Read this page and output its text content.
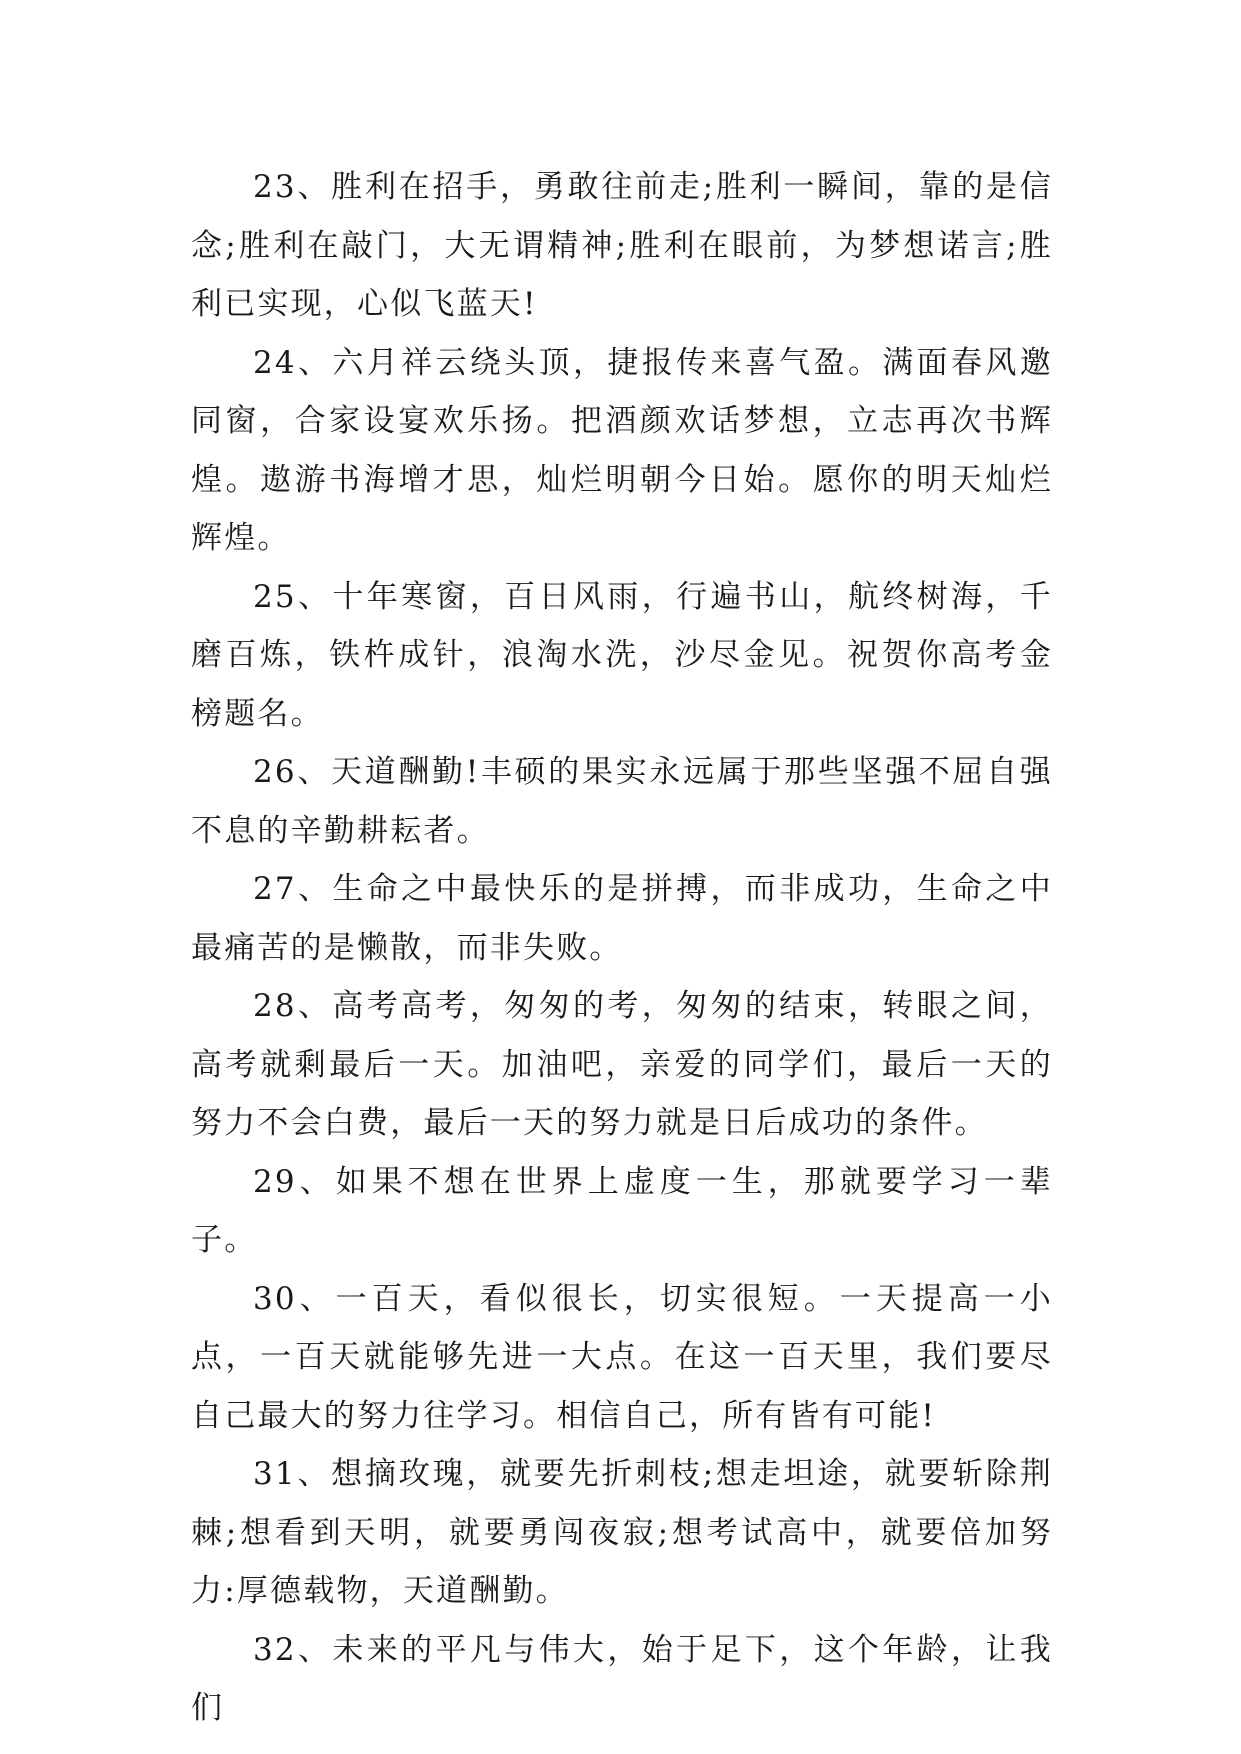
23、胜利在招手，勇敢往前走;胜利一瞬间，靠的是信念;胜利在敲门，大无谓精神;胜利在眼前，为梦想诺言;胜利已实现，心似飞蓝天!

24、六月祥云绕头顶，捷报传来喜气盈。满面春风邀同窗，合家设宴欢乐扬。把酒颜欢话梦想，立志再次书辉煌。遨游书海增才思，灿烂明朝今日始。愿你的明天灿烂辉煌。

25、十年寒窗，百日风雨，行遍书山，航终树海，千磨百炼，铁杵成针，浪淘水洗，沙尽金见。祝贺你高考金榜题名。

26、天道酬勤!丰硕的果实永远属于那些坚强不屈自强不息的辛勤耕耘者。

27、生命之中最快乐的是拼搏，而非成功，生命之中最痛苦的是懒散，而非失败。

28、高考高考，匆匆的考，匆匆的结束，转眼之间，高考就剩最后一天。加油吧，亲爱的同学们，最后一天的努力不会白费，最后一天的努力就是日后成功的条件。

29、如果不想在世界上虚度一生，那就要学习一辈子。

30、一百天，看似很长，切实很短。一天提高一小点，一百天就能够先进一大点。在这一百天里，我们要尽自己最大的努力往学习。相信自己，所有皆有可能!

31、想摘玫瑰，就要先折刺枝;想走坦途，就要斩除荆棘;想看到天明，就要勇闯夜寂;想考试高中，就要倍加努力:厚德载物，天道酬勤。

32、未来的平凡与伟大，始于足下，这个年龄，让我们
